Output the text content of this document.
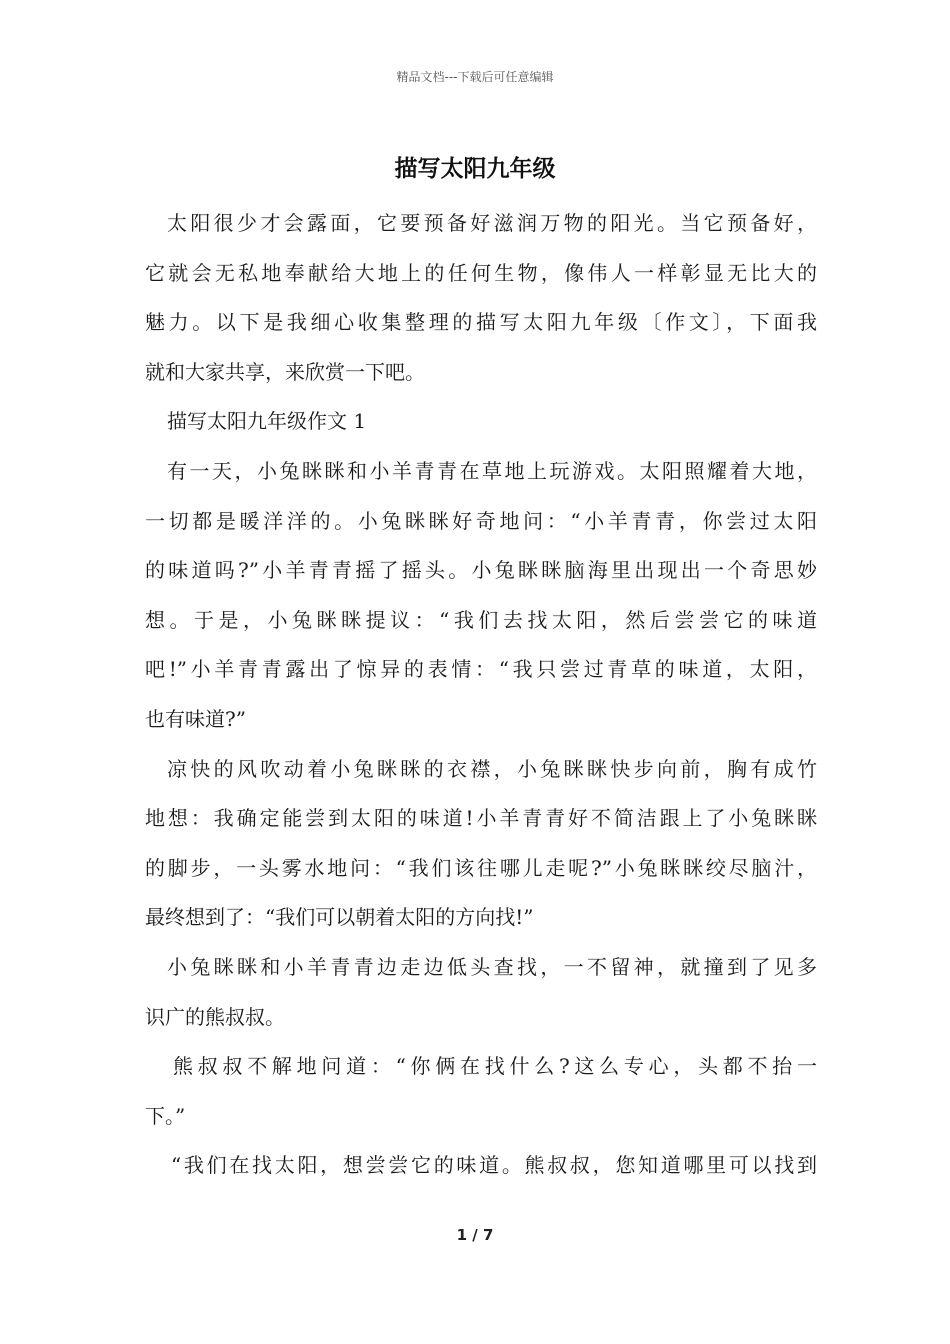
精品文档---下载后可任意编辑
描写太阳九年级
太阳很少才会露面，它要预备好滋润万物的阳光。当它预备好，
它就会无私地奉献给大地上的任何生物，像伟人一样彰显无比大的
魅力。以下是我细心收集整理的描写太阳九年级〔作文〕，下面我
就和大家共享，来欣赏一下吧。
描写太阳九年级作文 1
有一天，小兔眯眯和小羊青青在草地上玩游戏。太阳照耀着大地，
一切都是暖洋洋的。小兔眯眯好奇地问：“小羊青青，你尝过太阳
的味道吗?”小羊青青摇了摇头。小兔眯眯脑海里出现出一个奇思妙
想。于是，小兔眯眯提议：“我们去找太阳，然后尝尝它的味道
吧!”小羊青青露出了惊异的表情：“我只尝过青草的味道，太阳，
也有味道?”
凉快的风吹动着小兔眯眯的衣襟，小兔眯眯快步向前，胸有成竹
地想：我确定能尝到太阳的味道!小羊青青好不简洁跟上了小兔眯眯
的脚步，一头雾水地问：“我们该往哪儿走呢?”小兔眯眯绞尽脑汁，
最终想到了：“我们可以朝着太阳的方向找!”
小兔眯眯和小羊青青边走边低头查找，一不留神，就撞到了见多
识广的熊叔叔。
熊叔叔不解地问道：“你俩在找什么?这么专心，头都不抬一
下。”
“我们在找太阳，想尝尝它的味道。熊叔叔，您知道哪里可以找到
1 / 7
